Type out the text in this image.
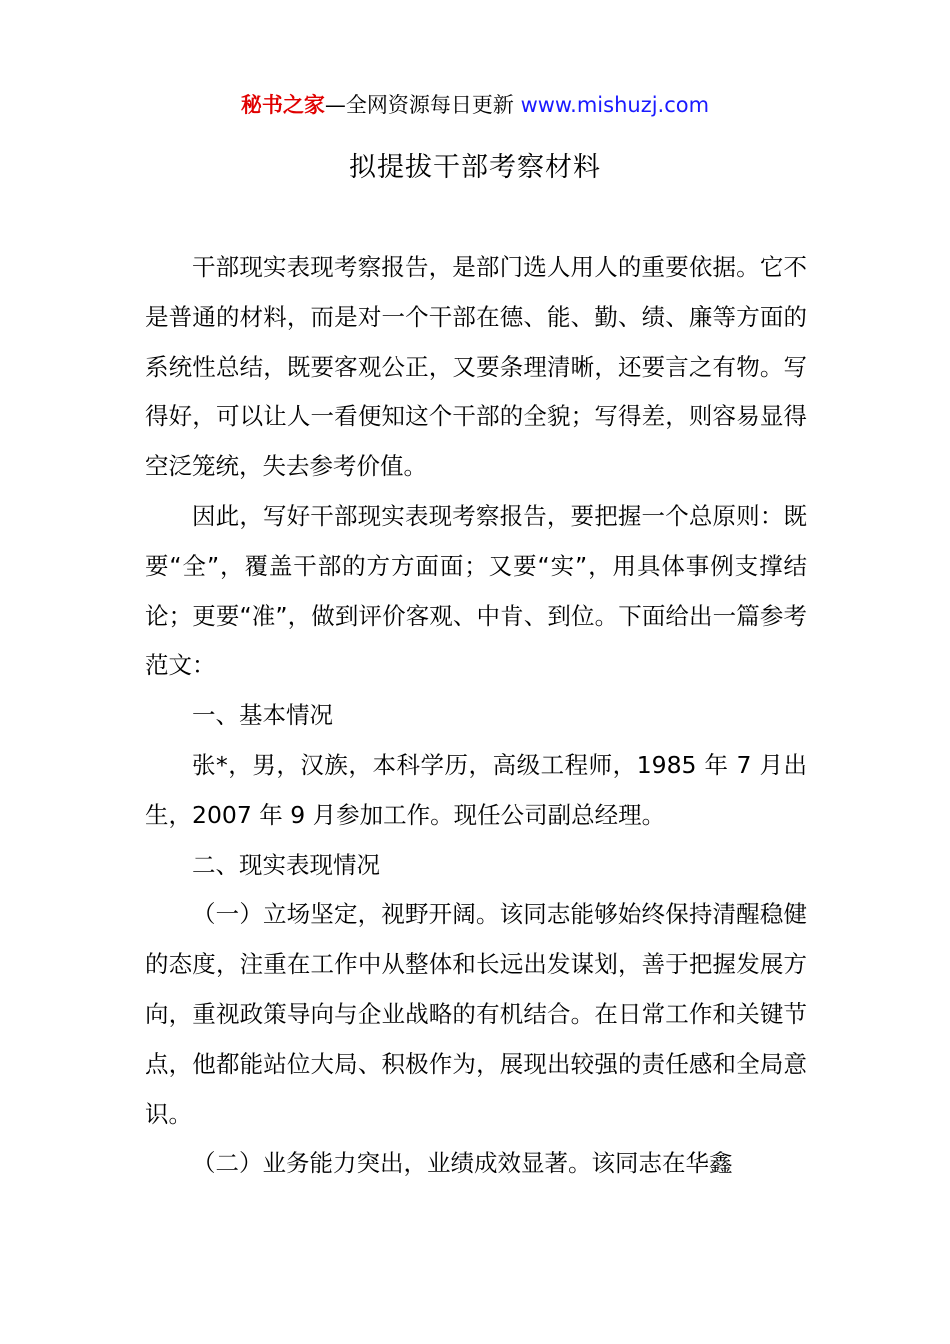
秘书之家—全网资源每日更新 www.mishuzj.com
拟提拔干部考察材料

干部现实表现考察报告，是部门选人用人的重要依据。它不是普通的材料，而是对一个干部在德、能、勤、绩、廉等方面的系统性总结，既要客观公正，又要条理清晰，还要言之有物。写得好，可以让人一看便知这个干部的全貌；写得差，则容易显得空泛笼统，失去参考价值。

因此，写好干部现实表现考察报告，要把握一个总原则：既要“全”，覆盖干部的方方面面；又要“实”，用具体事例支撑结论；更要“准”，做到评价客观、中肯、到位。下面给出一篇参考范文：

一、基本情况

张*，男，汉族，本科学历，高级工程师，1985 年 7 月出生，2007 年 9 月参加工作。现任公司副总经理。

二、现实表现情况

（一）立场坚定，视野开阔。该同志能够始终保持清醒稳健的态度，注重在工作中从整体和长远出发谋划，善于把握发展方向，重视政策导向与企业战略的有机结合。在日常工作和关键节点，他都能站位大局、积极作为，展现出较强的责任感和全局意识。

（二）业务能力突出，业绩成效显著。该同志在华鑫
